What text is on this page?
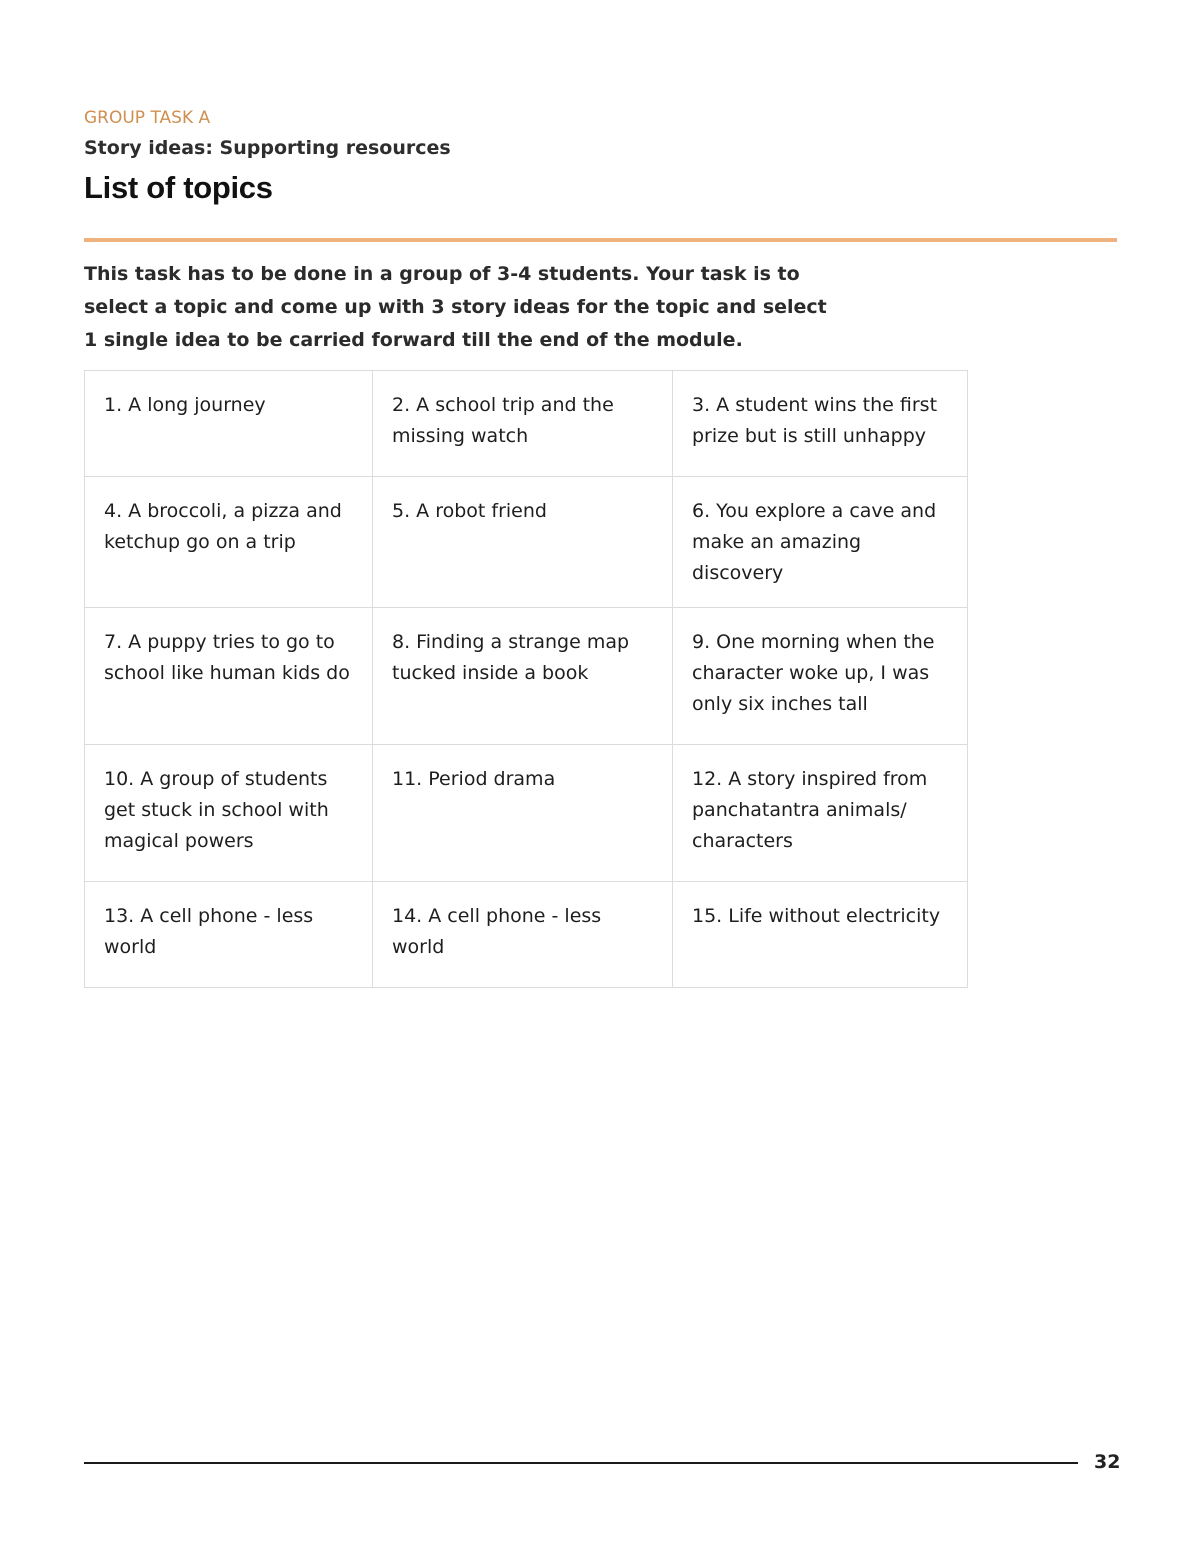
GROUP TASK A
Story ideas: Supporting resources
List of topics

This task has to be done in a group of 3-4 students. Your task is to select a topic and come up with 3 story ideas for the topic and select 1 single idea to be carried forward till the end of the module.

1. A long journey	2. A school trip and the missing watch	3. A student wins the first prize but is still unhappy
4. A broccoli, a pizza and ketchup go on a trip	5. A robot friend	6. You explore a cave and make an amazing discovery
7. A puppy tries to go to school like human kids do	8. Finding a strange map tucked inside a book	9. One morning when the character woke up, I was only six inches tall
10. A group of students get stuck in school with magical powers	11. Period drama	12. A story inspired from panchatantra animals/ characters
13. A cell phone - less world	14. A cell phone - less world	15. Life without electricity
32
